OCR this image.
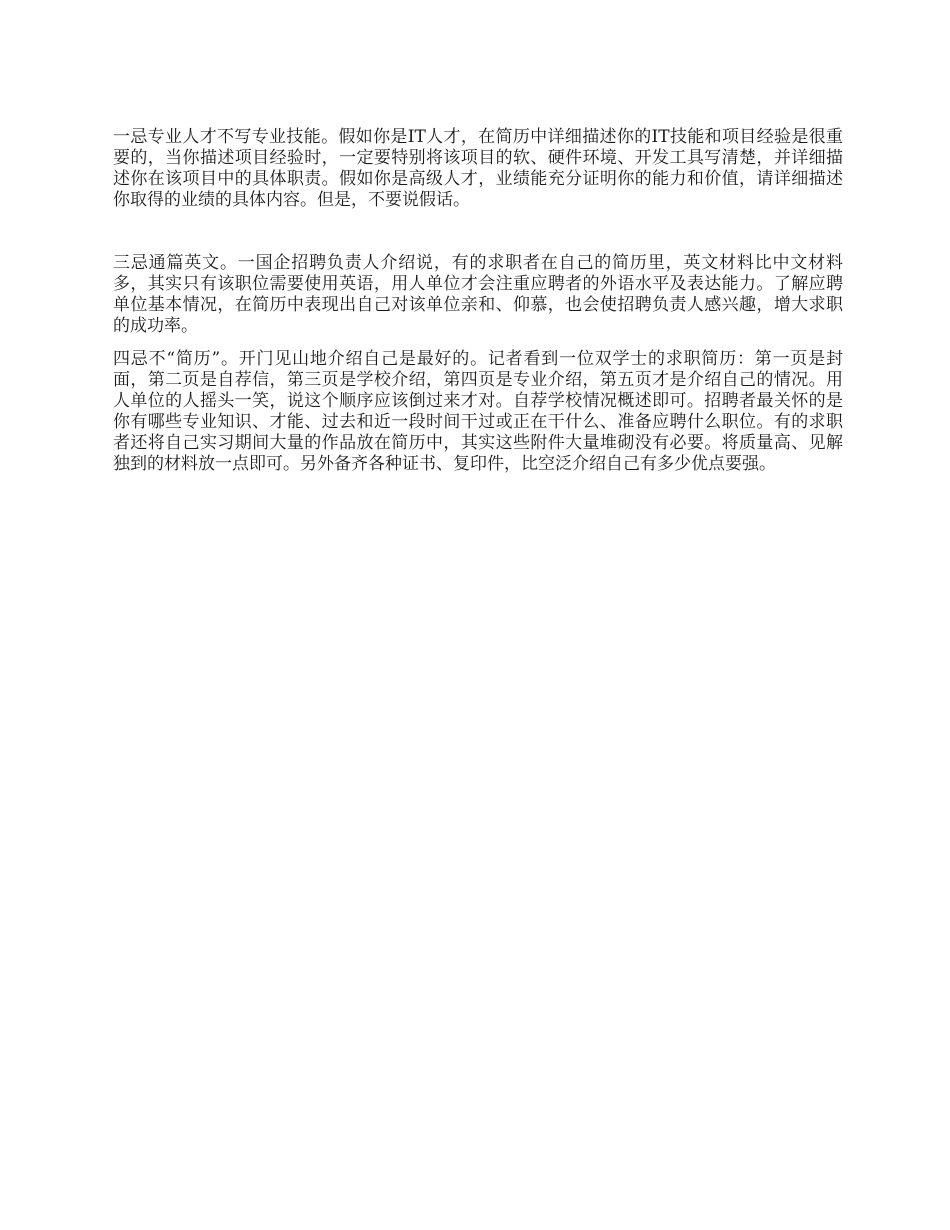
一忌专业人才不写专业技能。假如你是IT人才，在简历中详细描述你的IT技能和项目经验是很重要的，当你描述项目经验时，一定要特别将该项目的软、硬件环境、开发工具写清楚，并详细描述你在该项目中的具体职责。假如你是高级人才，业绩能充分证明你的能力和价值，请详细描述你取得的业绩的具体内容。但是，不要说假话。

三忌通篇英文。一国企招聘负责人介绍说，有的求职者在自己的简历里，英文材料比中文材料多，其实只有该职位需要使用英语，用人单位才会注重应聘者的外语水平及表达能力。了解应聘单位基本情况，在简历中表现出自己对该单位亲和、仰慕，也会使招聘负责人感兴趣，增大求职的成功率。

四忌不“简历”。开门见山地介绍自己是最好的。记者看到一位双学士的求职简历：第一页是封面，第二页是自荐信，第三页是学校介绍，第四页是专业介绍，第五页才是介绍自己的情况。用人单位的人摇头一笑，说这个顺序应该倒过来才对。自荐学校情况概述即可。招聘者最关怀的是你有哪些专业知识、才能、过去和近一段时间干过或正在干什么、准备应聘什么职位。有的求职者还将自己实习期间大量的作品放在简历中，其实这些附件大量堆砌没有必要。将质量高、见解独到的材料放一点即可。另外备齐各种证书、复印件，比空泛介绍自己有多少优点要强。
